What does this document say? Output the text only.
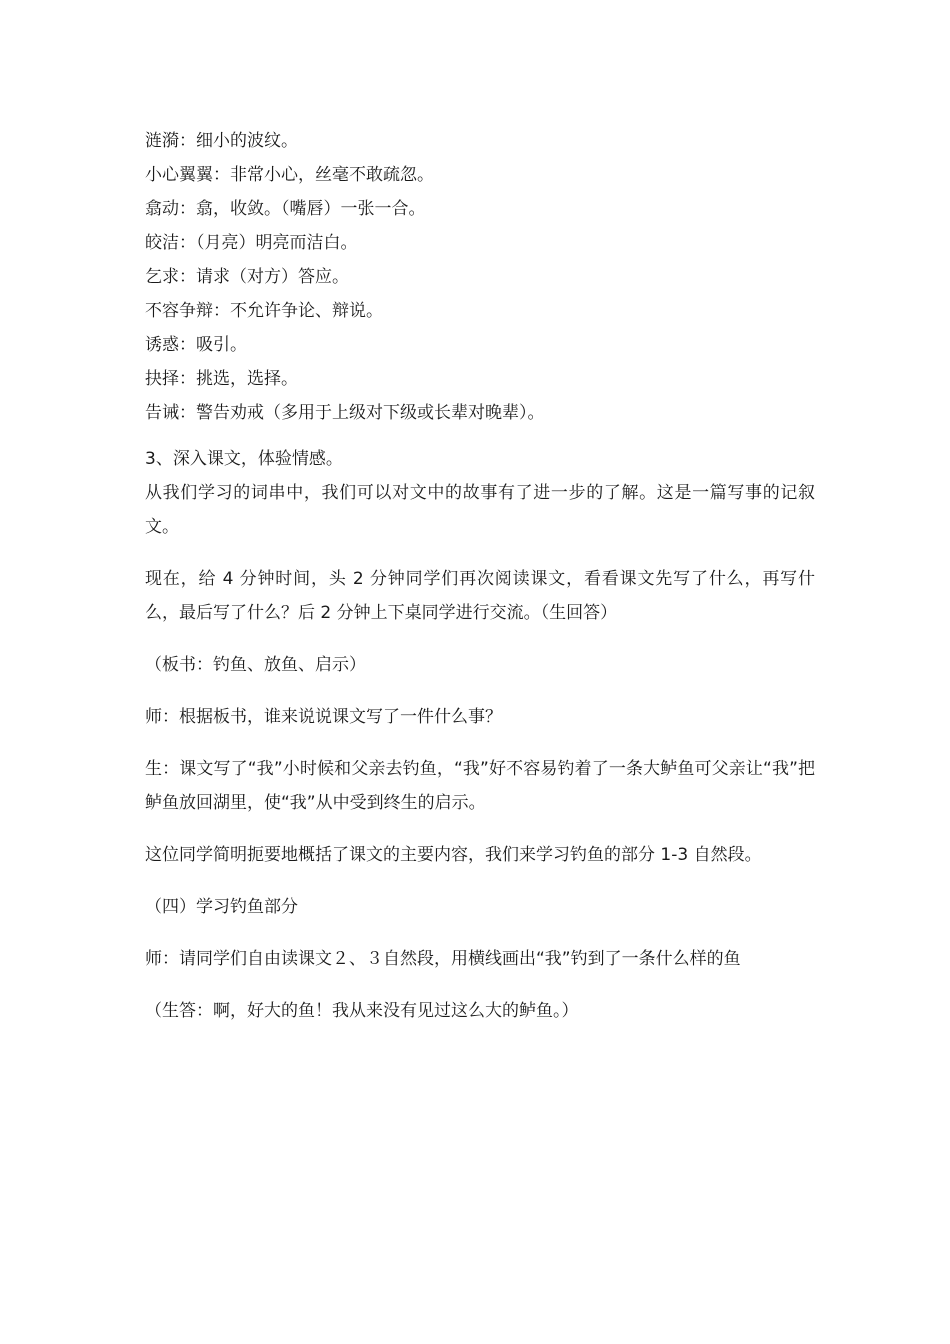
涟漪：细小的波纹。

小心翼翼：非常小心，丝毫不敢疏忽。

翕动：翕，收敛。（嘴唇）一张一合。

皎洁：（月亮）明亮而洁白。

乞求：请求（对方）答应。

不容争辩：不允许争论、辩说。

诱惑：吸引。

抉择：挑选，选择。

告诫：警告劝戒（多用于上级对下级或长辈对晚辈）。

3、深入课文，体验情感。

从我们学习的词串中，我们可以对文中的故事有了进一步的了解。这是一篇写事的记叙文。

现在，给 4 分钟时间，头 2 分钟同学们再次阅读课文，看看课文先写了什么，再写什么，最后写了什么？后 2 分钟上下桌同学进行交流。（生回答）

（板书：钓鱼、放鱼、启示）

师：根据板书，谁来说说课文写了一件什么事？

生：课文写了“我”小时候和父亲去钓鱼，“我”好不容易钓着了一条大鲈鱼可父亲让“我”把鲈鱼放回湖里，使“我”从中受到终生的启示。

这位同学简明扼要地概括了课文的主要内容，我们来学习钓鱼的部分 1-3 自然段。

（四）学习钓鱼部分

师：请同学们自由读课文２、３自然段，用横线画出“我”钓到了一条什么样的鱼

（生答：啊，好大的鱼！我从来没有见过这么大的鲈鱼。）
